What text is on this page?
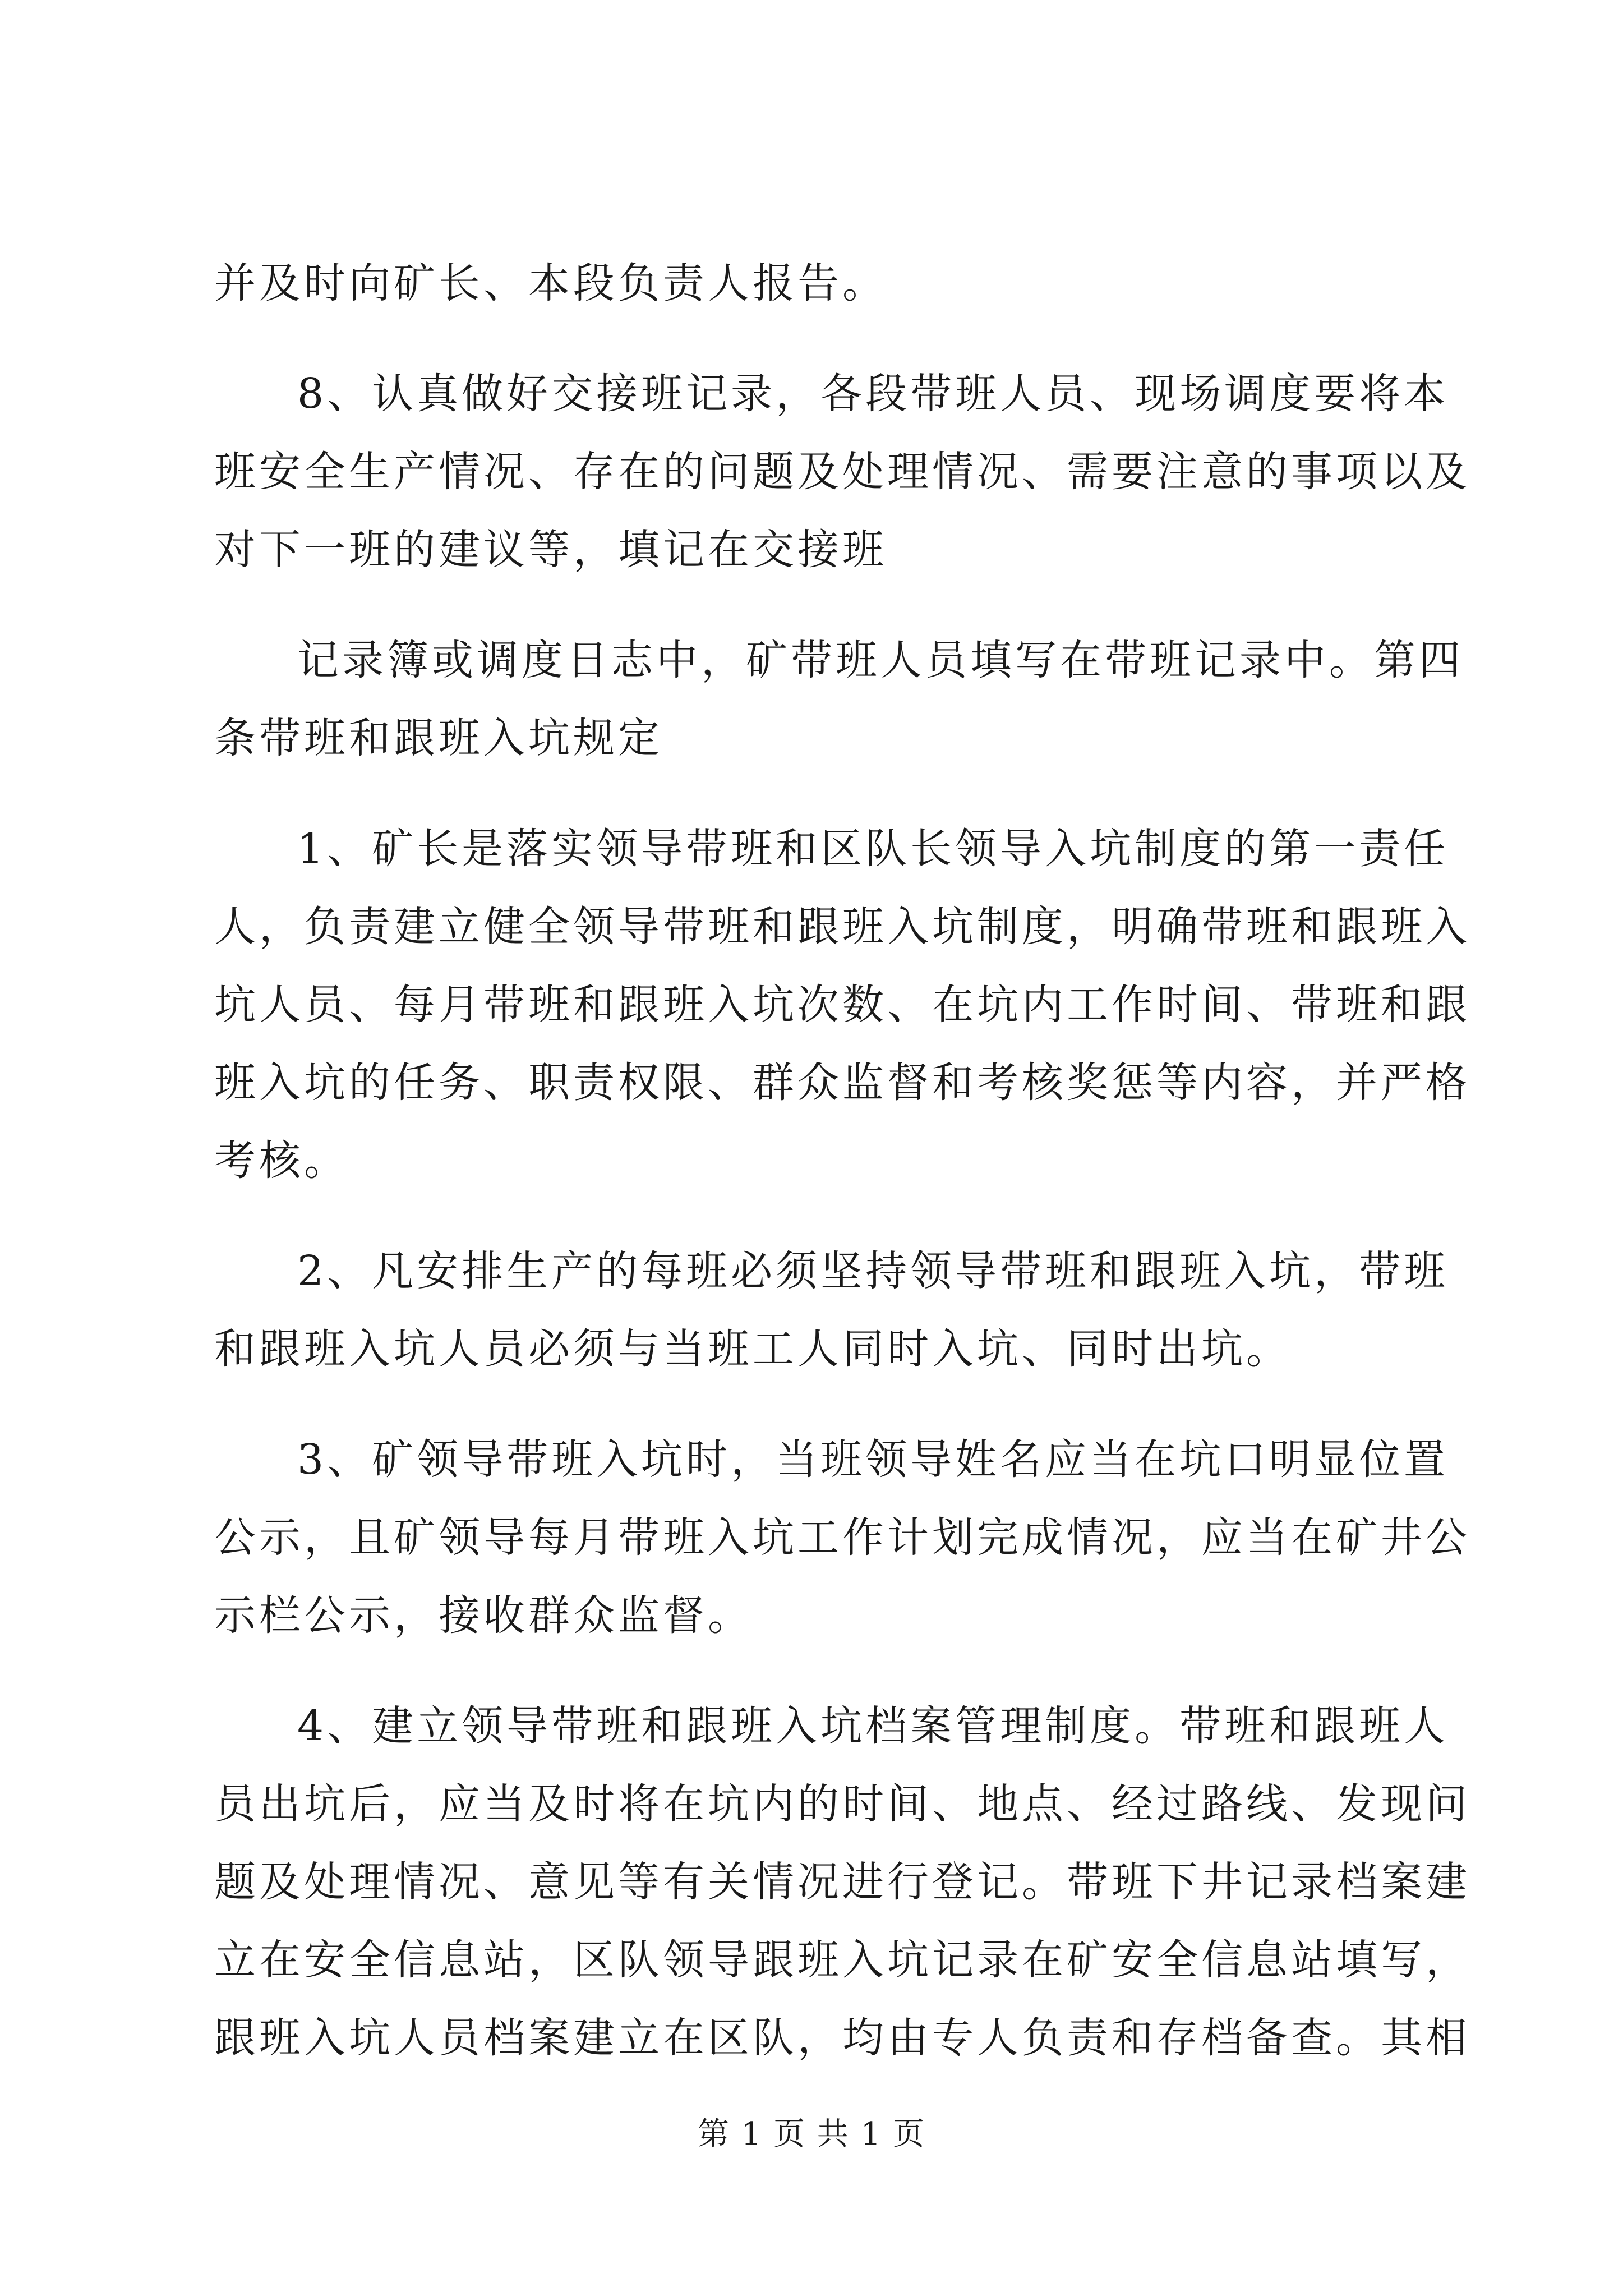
并及时向矿长、本段负责人报告。
8、认真做好交接班记录，各段带班人员、现场调度要将本
班安全生产情况、存在的问题及处理情况、需要注意的事项以及
对下一班的建议等，填记在交接班
记录簿或调度日志中，矿带班人员填写在带班记录中。第四
条带班和跟班入坑规定
1、矿长是落实领导带班和区队长领导入坑制度的第一责任
人，负责建立健全领导带班和跟班入坑制度，明确带班和跟班入
坑人员、每月带班和跟班入坑次数、在坑内工作时间、带班和跟
班入坑的任务、职责权限、群众监督和考核奖惩等内容，并严格
考核。
2、凡安排生产的每班必须坚持领导带班和跟班入坑，带班
和跟班入坑人员必须与当班工人同时入坑、同时出坑。
3、矿领导带班入坑时，当班领导姓名应当在坑口明显位置
公示，且矿领导每月带班入坑工作计划完成情况，应当在矿井公
示栏公示，接收群众监督。
4、建立领导带班和跟班入坑档案管理制度。带班和跟班人
员出坑后，应当及时将在坑内的时间、地点、经过路线、发现问
题及处理情况、意见等有关情况进行登记。带班下井记录档案建
立在安全信息站，区队领导跟班入坑记录在矿安全信息站填写，
跟班入坑人员档案建立在区队，均由专人负责和存档备查。其相
第 1 页 共 1 页
